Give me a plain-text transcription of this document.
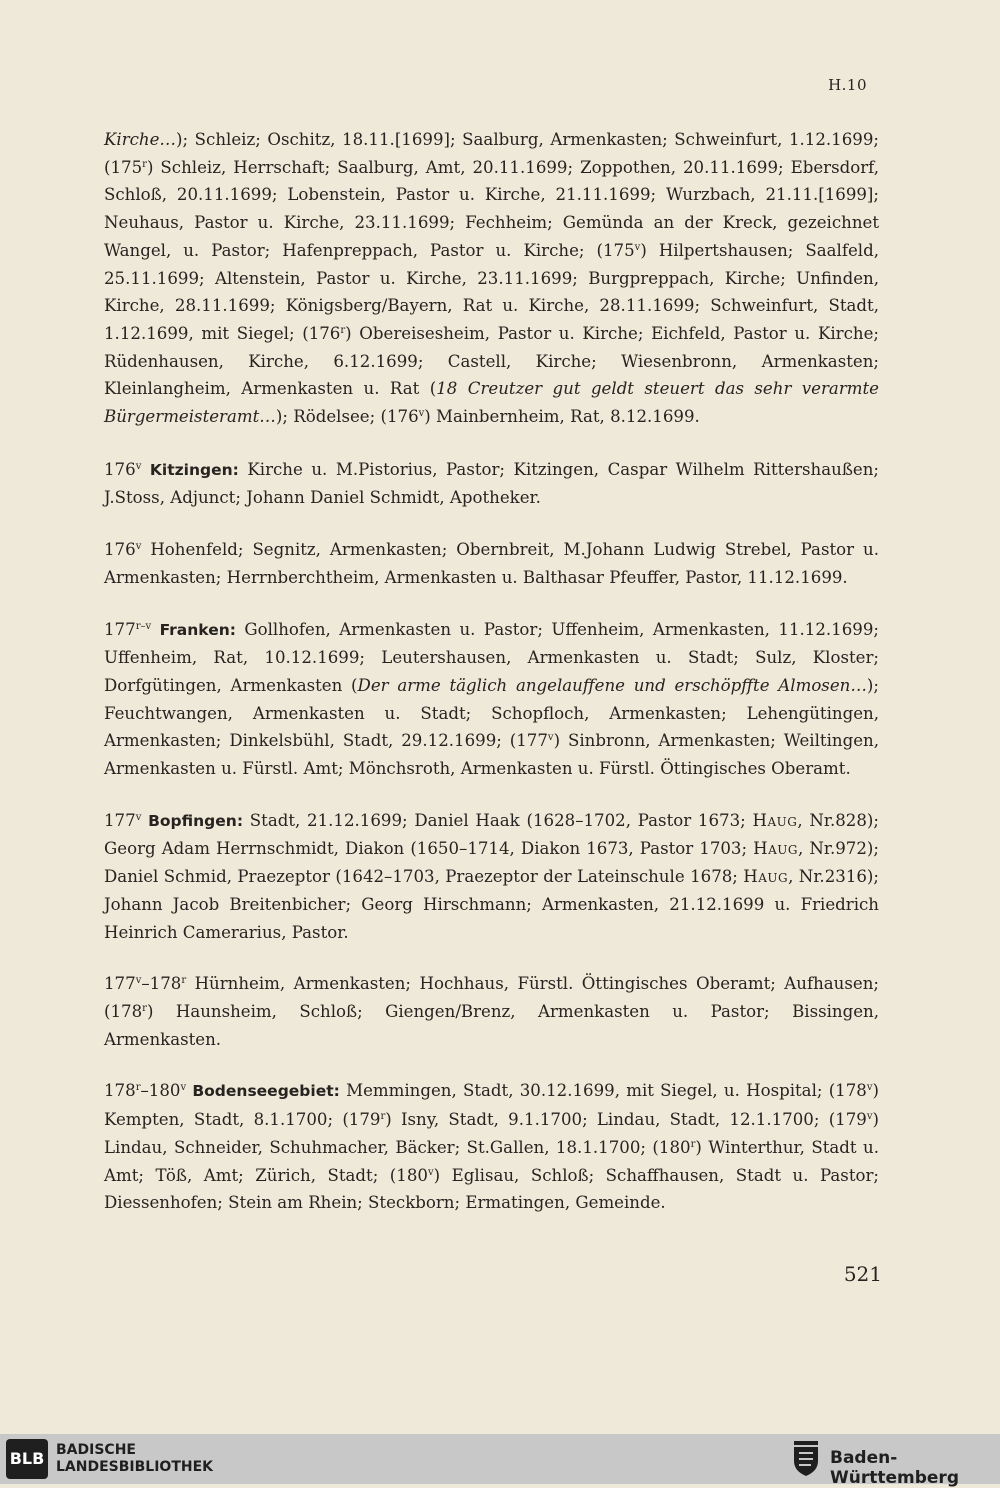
H.10

Kirche…); Schleiz; Oschitz, 18.11.[1699]; Saalburg, Armenkasten; Schweinfurt, 1.12.1699; (175$^r$) Schleiz, Herrschaft; Saalburg, Amt, 20.11.1699; Zoppothen, 20.11.1699; Ebersdorf, Schloß, 20.11.1699; Lobenstein, Pastor u. Kirche, 21.11.1699; Wurzbach, 21.11.[1699]; Neuhaus, Pastor u. Kirche, 23.11.1699; Fechheim; Gemünda an der Kreck, gezeichnet Wangel, u. Pastor; Hafenpreppach, Pastor u. Kirche; (175$^v$) Hilpertshausen; Saalfeld, 25.11.1699; Altenstein, Pastor u. Kirche, 23.11.1699; Burgpreppach, Kirche; Unfinden, Kirche, 28.11.1699; Königsberg/Bayern, Rat u. Kirche, 28.11.1699; Schweinfurt, Stadt, 1.12.1699, mit Siegel; (176$^r$) Obereisesheim, Pastor u. Kirche; Eichfeld, Pastor u. Kirche; Rüdenhausen, Kirche, 6.12.1699; Castell, Kirche; Wiesenbronn, Armenkasten; Kleinlangheim, Armenkasten u. Rat (18 Creutzer gut geldt steuert das sehr verarmte Bürgermeisteramt…); Rödelsee; (176$^v$) Mainbernheim, Rat, 8.12.1699.

176$^v$ Kitzingen: Kirche u. M.Pistorius, Pastor; Kitzingen, Caspar Wilhelm Rittershaußen; J.Stoss, Adjunct; Johann Daniel Schmidt, Apotheker.

176$^v$ Hohenfeld; Segnitz, Armenkasten; Obernbreit, M.Johann Ludwig Strebel, Pastor u. Armenkasten; Herrnberchtheim, Armenkasten u. Balthasar Pfeuffer, Pastor, 11.12.1699.

177$^{r-v}$ Franken: Gollhofen, Armenkasten u. Pastor; Uffenheim, Armenkasten, 11.12.1699; Uffenheim, Rat, 10.12.1699; Leutershausen, Armenkasten u. Stadt; Sulz, Kloster; Dorfgütingen, Armenkasten (Der arme täglich angelauffene und erschöpffte Almosen…); Feuchtwangen, Armenkasten u. Stadt; Schopfloch, Armenkasten; Lehengütingen, Armenkasten; Dinkelsbühl, Stadt, 29.12.1699; (177$^v$) Sinbronn, Armenkasten; Weiltingen, Armenkasten u. Fürstl. Amt; Mönchsroth, Armenkasten u. Fürstl. Öttingisches Oberamt.

177$^v$ Bopfingen: Stadt, 21.12.1699; Daniel Haak (1628–1702, Pastor 1673; Haug, Nr.828); Georg Adam Herrnschmidt, Diakon (1650–1714, Diakon 1673, Pastor 1703; Haug, Nr.972); Daniel Schmid, Praezeptor (1642–1703, Praezeptor der Lateinschule 1678; Haug, Nr.2316); Johann Jacob Breitenbicher; Georg Hirschmann; Armenkasten, 21.12.1699 u. Friedrich Heinrich Camerarius, Pastor.

177$^v$–178$^r$ Hürnheim, Armenkasten; Hochhaus, Fürstl. Öttingisches Oberamt; Aufhausen; (178$^r$) Haunsheim, Schloß; Giengen/Brenz, Armenkasten u. Pastor; Bissingen, Armenkasten.

178$^r$–180$^v$ Bodenseegebiet: Memmingen, Stadt, 30.12.1699, mit Siegel, u. Hospital; (178$^v$) Kempten, Stadt, 8.1.1700; (179$^r$) Isny, Stadt, 9.1.1700; Lindau, Stadt, 12.1.1700; (179$^v$) Lindau, Schneider, Schuhmacher, Bäcker; St.Gallen, 18.1.1700; (180$^r$) Winterthur, Stadt u. Amt; Töß, Amt; Zürich, Stadt; (180$^v$) Eglisau, Schloß; Schaffhausen, Stadt u. Pastor; Diessenhofen; Stein am Rhein; Steckborn; Ermatingen, Gemeinde.

521
BLB BADISCHE
LANDESBIBLIOTHEK	Baden-Württemberg
